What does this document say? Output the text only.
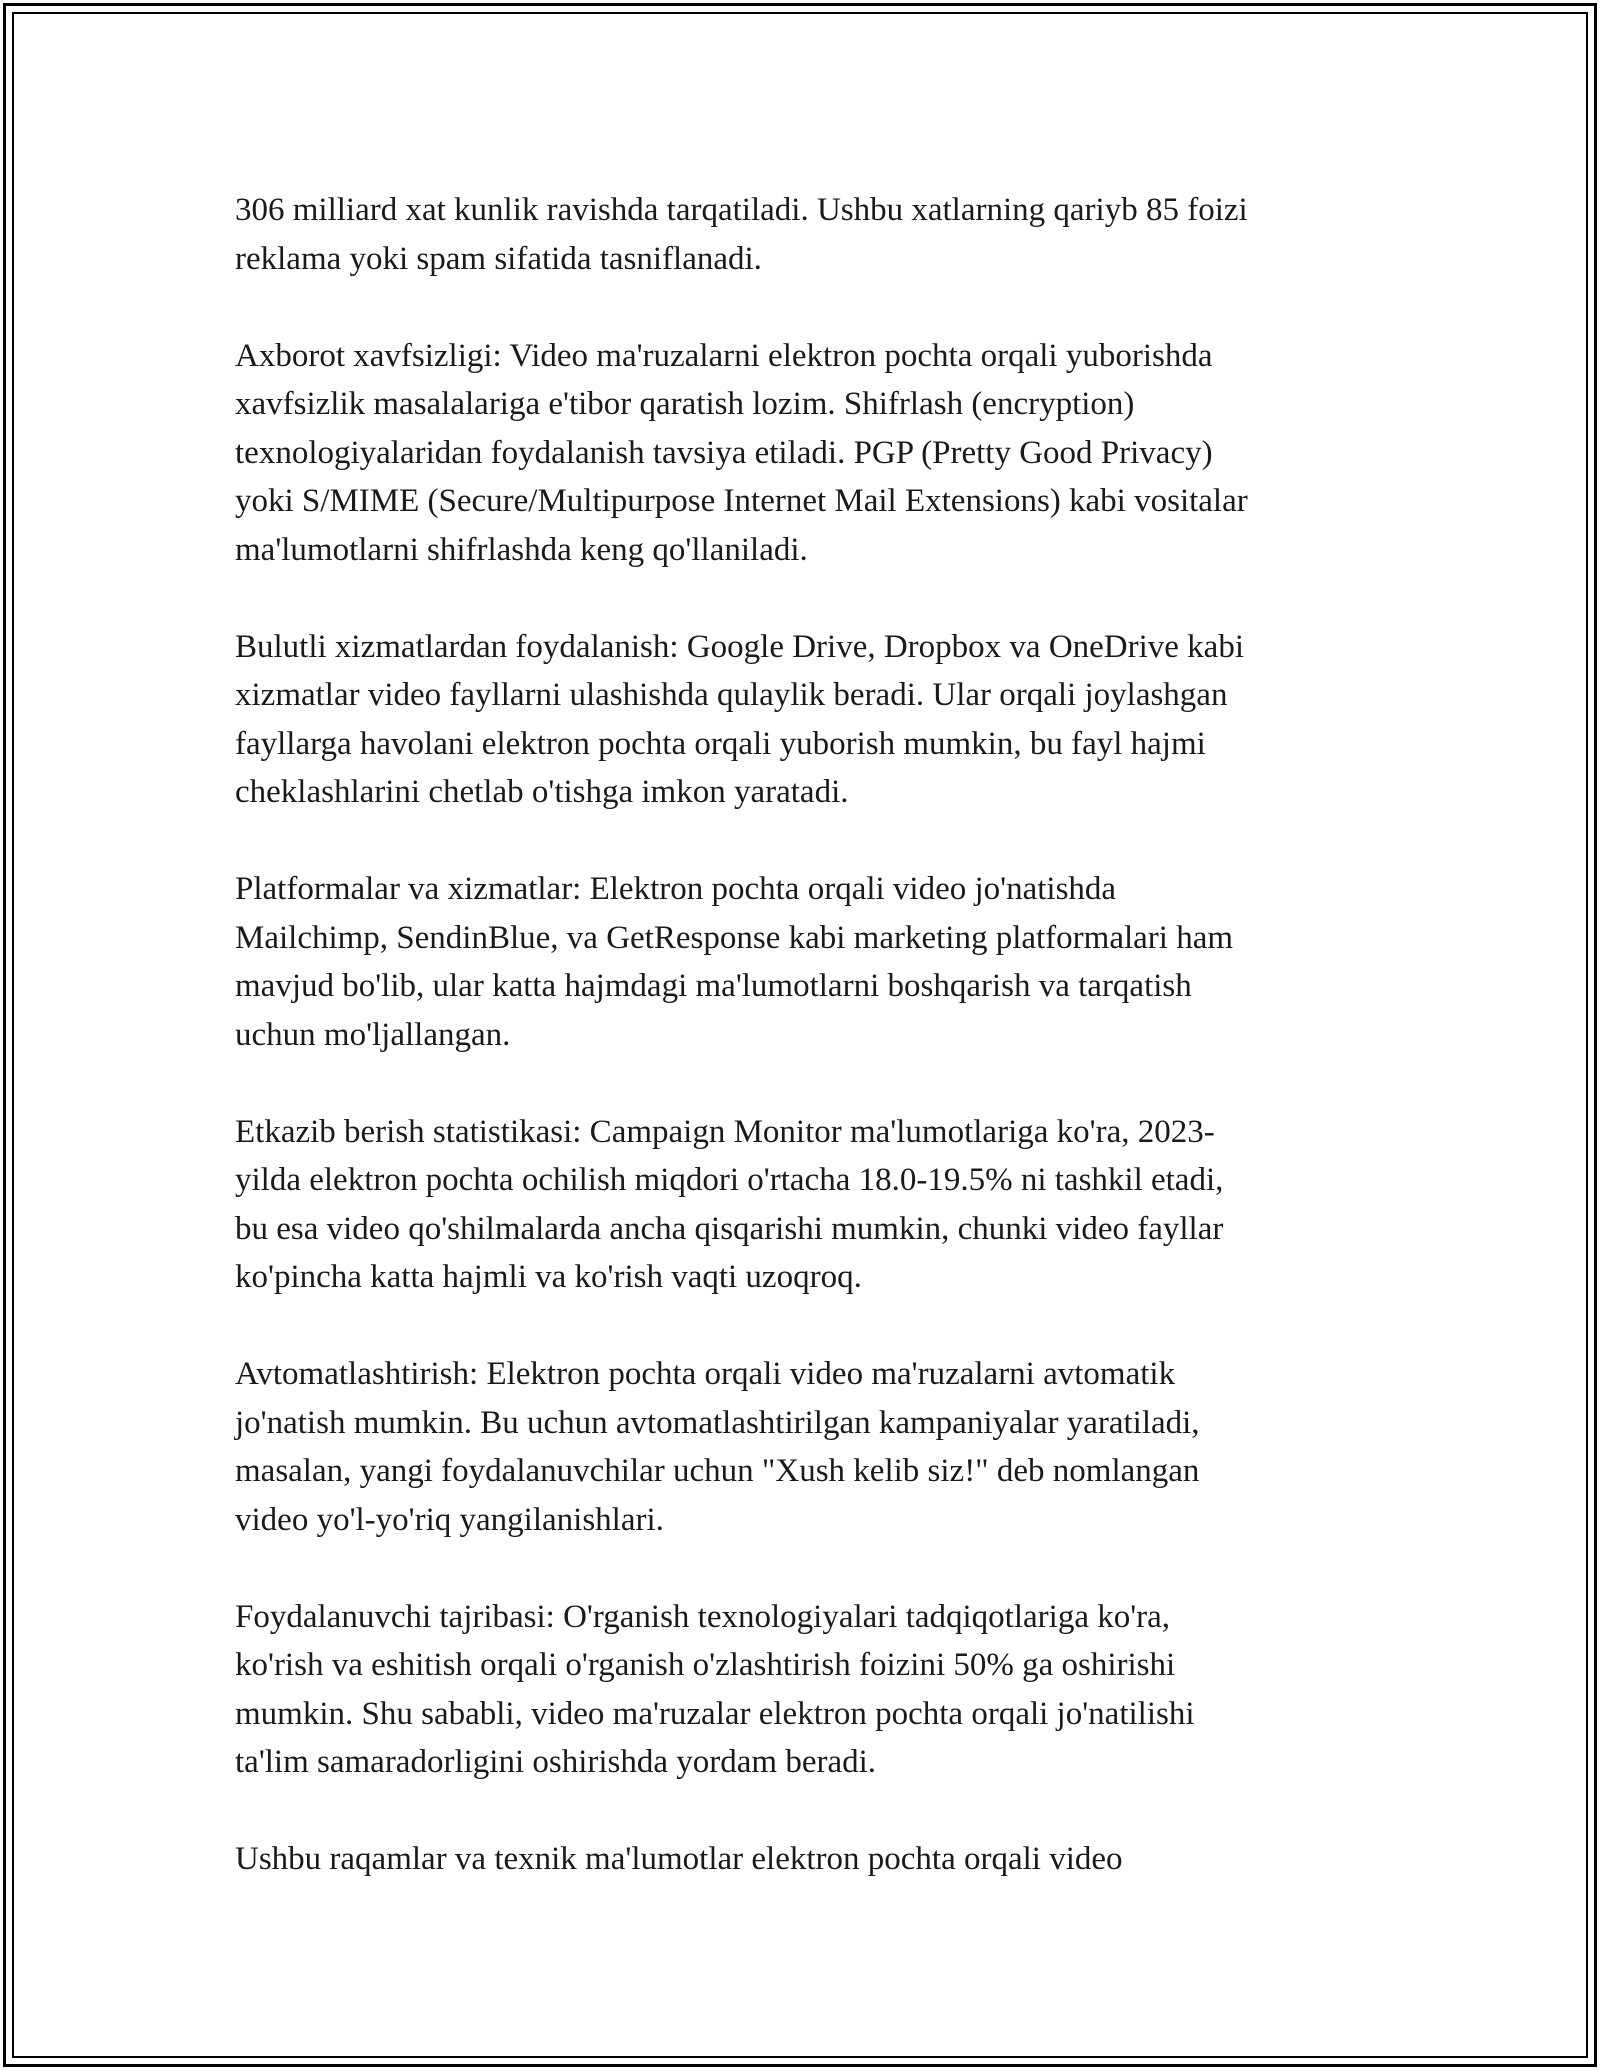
306 milliard xat kunlik ravishda tarqatiladi. Ushbu xatlarning qariyb 85 foizi
reklama yoki spam sifatida tasniflanadi.

Axborot xavfsizligi: Video ma'ruzalarni elektron pochta orqali yuborishda
xavfsizlik masalalariga e'tibor qaratish lozim. Shifrlash (encryption)
texnologiyalaridan foydalanish tavsiya etiladi. PGP (Pretty Good Privacy)
yoki S/MIME (Secure/Multipurpose Internet Mail Extensions) kabi vositalar
ma'lumotlarni shifrlashda keng qo'llaniladi.

Bulutli xizmatlardan foydalanish: Google Drive, Dropbox va OneDrive kabi
xizmatlar video fayllarni ulashishda qulaylik beradi. Ular orqali joylashgan
fayllarga havolani elektron pochta orqali yuborish mumkin, bu fayl hajmi
cheklashlarini chetlab o'tishga imkon yaratadi.

Platformalar va xizmatlar: Elektron pochta orqali video jo'natishda
Mailchimp, SendinBlue, va GetResponse kabi marketing platformalari ham
mavjud bo'lib, ular katta hajmdagi ma'lumotlarni boshqarish va tarqatish
uchun mo'ljallangan.

Etkazib berish statistikasi: Campaign Monitor ma'lumotlariga ko'ra, 2023-
yilda elektron pochta ochilish miqdori o'rtacha 18.0-19.5% ni tashkil etadi,
bu esa video qo'shilmalarda ancha qisqarishi mumkin, chunki video fayllar
ko'pincha katta hajmli va ko'rish vaqti uzoqroq.

Avtomatlashtirish: Elektron pochta orqali video ma'ruzalarni avtomatik
jo'natish mumkin. Bu uchun avtomatlashtirilgan kampaniyalar yaratiladi,
masalan, yangi foydalanuvchilar uchun "Xush kelib siz!" deb nomlangan
video yo'l-yo'riq yangilanishlari.

Foydalanuvchi tajribasi: O'rganish texnologiyalari tadqiqotlariga ko'ra,
ko'rish va eshitish orqali o'rganish o'zlashtirish foizini 50% ga oshirishi
mumkin. Shu sababli, video ma'ruzalar elektron pochta orqali jo'natilishi
ta'lim samaradorligini oshirishda yordam beradi.

Ushbu raqamlar va texnik ma'lumotlar elektron pochta orqali video
